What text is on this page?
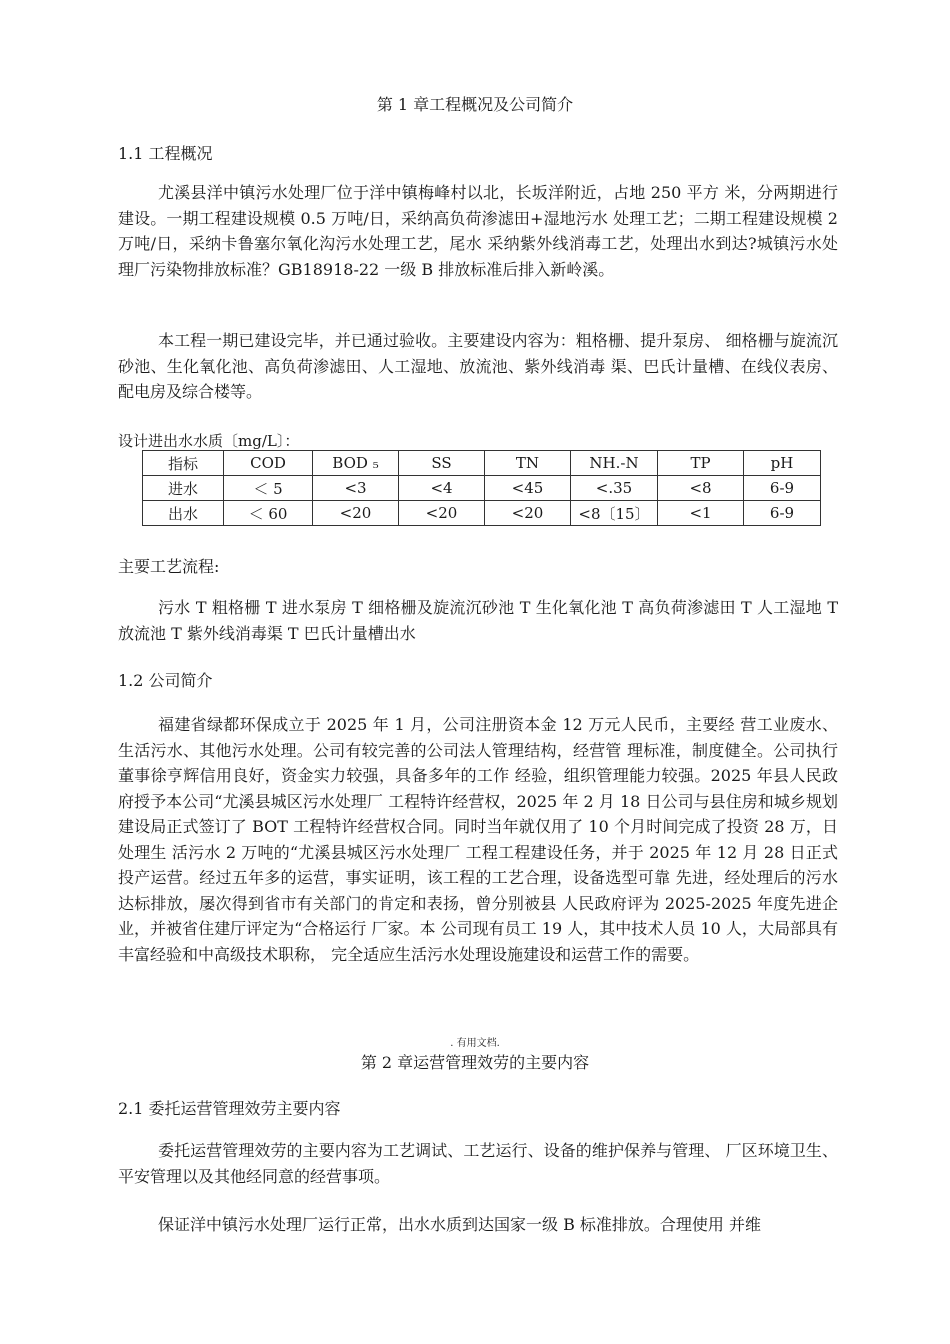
第 1 章工程概况及公司简介
1.1 工程概况

尤溪县洋中镇污水处理厂位于洋中镇梅峰村以北，长坂洋附近，占地 250 平方 米，分两期进行建设。一期工程建设规模 0.5 万吨/日，采纳高负荷渗滤田+湿地污水 处理工艺；二期工程建设规模 2 万吨/日，采纳卡鲁塞尔氧化沟污水处理工艺，尾水 采纳紫外线消毒工艺，处理出水到达?城镇污水处理厂污染物排放标准？GB18918-22 一级 B 排放标准后排入新岭溪。

本工程一期已建设完毕，并已通过验收。主要建设内容为：粗格栅、提升泵房、 细格栅与旋流沉砂池、生化氧化池、高负荷渗滤田、人工湿地、放流池、紫外线消毒 渠、巴氏计量槽、在线仪表房、配电房及综合楼等。

设计进出水水质〔mg/L〕：
指标	COD	BOD ₅	SS	TN	NH.-N	TP	pH
进水	＜ 5	<3	<4	<45	<.35	<8	6-9
出水	＜ 60	<20	<20	<20	<8〔15〕	<1	6-9
主要工艺流程:

污水 T 粗格栅 T 进水泵房 T 细格栅及旋流沉砂池 T 生化氧化池 T 高负荷渗滤田 T 人工湿地 T 放流池 T 紫外线消毒渠 T 巴氏计量槽出水

1.2 公司简介

福建省绿都环保成立于 2025 年 1 月，公司注册资本金 12 万元人民币，主要经 营工业废水、生活污水、其他污水处理。公司有较完善的公司法人管理结构，经营管 理标准，制度健全。公司执行董事徐亨辉信用良好，资金实力较强，具备多年的工作 经验，组织管理能力较强。2025 年县人民政府授予本公司“尤溪县城区污水处理厂 工程特许经营权，2025 年 2 月 18 日公司与县住房和城乡规划建设局正式签订了 BOT 工程特许经营权合同。同时当年就仅用了 10 个月时间完成了投资 28 万，日处理生 活污水 2 万吨的“尤溪县城区污水处理厂 工程工程建设任务，并于 2025 年 12 月 28 日正式投产运营。经过五年多的运营，事实证明，该工程的工艺合理，设备选型可靠 先进，经处理后的污水达标排放，屡次得到省市有关部门的肯定和表扬，曾分别被县 人民政府评为 2025-2025 年度先进企业，并被省住建厅评定为“合格运行 厂家。本 公司现有员工 19 人，其中技术人员 10 人，大局部具有丰富经验和中高级技术职称， 完全适应生活污水处理设施建设和运营工作的需要。

. 有用文档.
第 2 章运营管理效劳的主要内容
2.1 委托运营管理效劳主要内容

委托运营管理效劳的主要内容为工艺调试、工艺运行、设备的维护保养与管理、 厂区环境卫生、平安管理以及其他经同意的经营事项。

保证洋中镇污水处理厂运行正常，出水水质到达国家一级 B 标准排放。合理使用 并维
